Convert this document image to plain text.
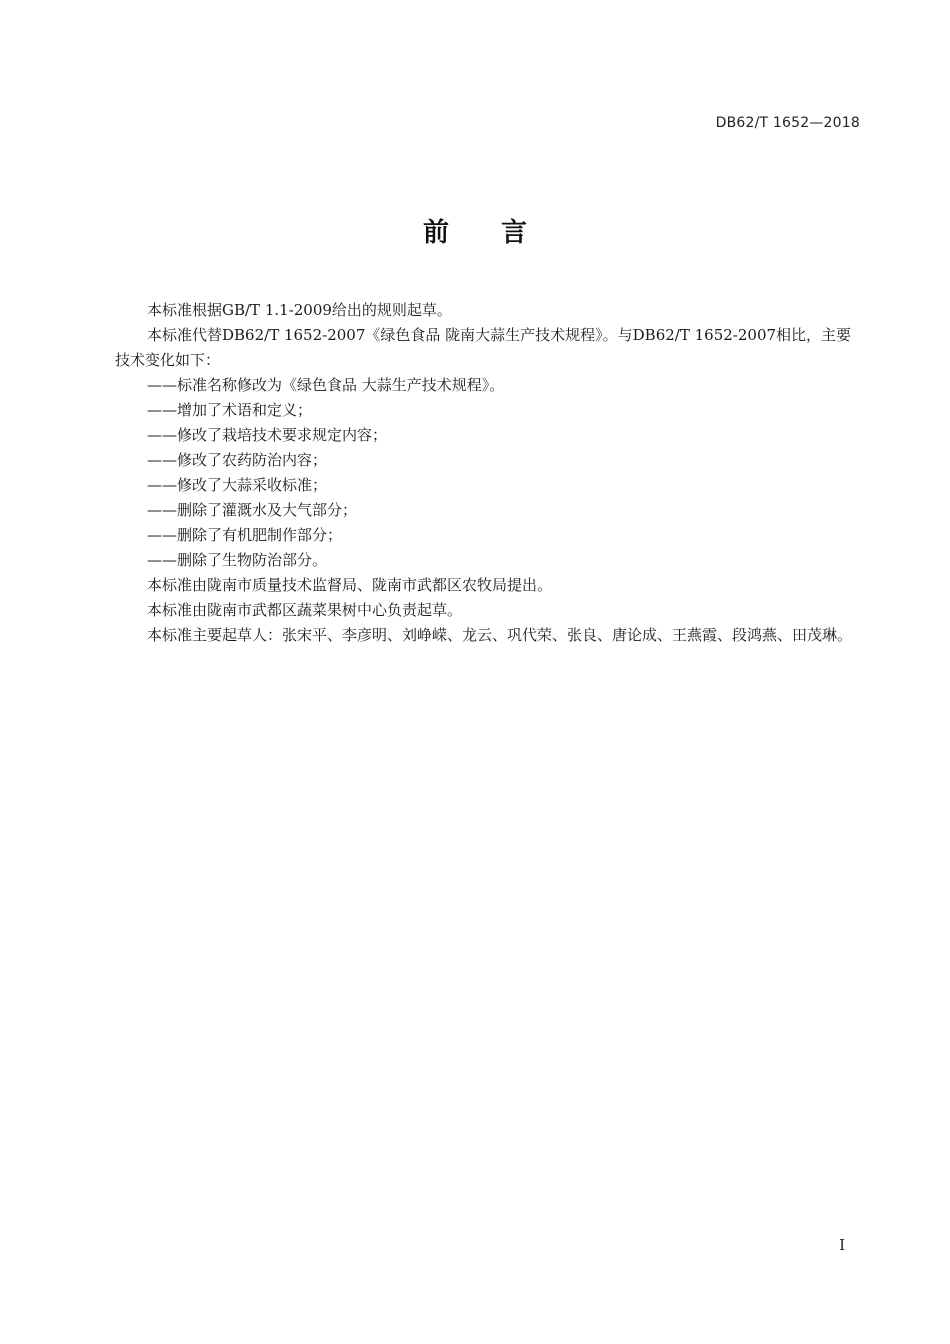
DB62/T 1652—2018
前 言

本标准根据GB/T 1.1-2009给出的规则起草。

本标准代替DB62/T 1652-2007《绿色食品 陇南大蒜生产技术规程》。与DB62/T 1652-2007相比，主要技术变化如下：

——标准名称修改为《绿色食品 大蒜生产技术规程》。

——增加了术语和定义；

——修改了栽培技术要求规定内容；

——修改了农药防治内容；

——修改了大蒜采收标准；

——删除了灌溉水及大气部分；

——删除了有机肥制作部分；

——删除了生物防治部分。

本标准由陇南市质量技术监督局、陇南市武都区农牧局提出。

本标准由陇南市武都区蔬菜果树中心负责起草。

本标准主要起草人：张宋平、李彦明、刘峥嵘、龙云、巩代荣、张良、唐论成、王燕霞、段鸿燕、田茂琳。

I
